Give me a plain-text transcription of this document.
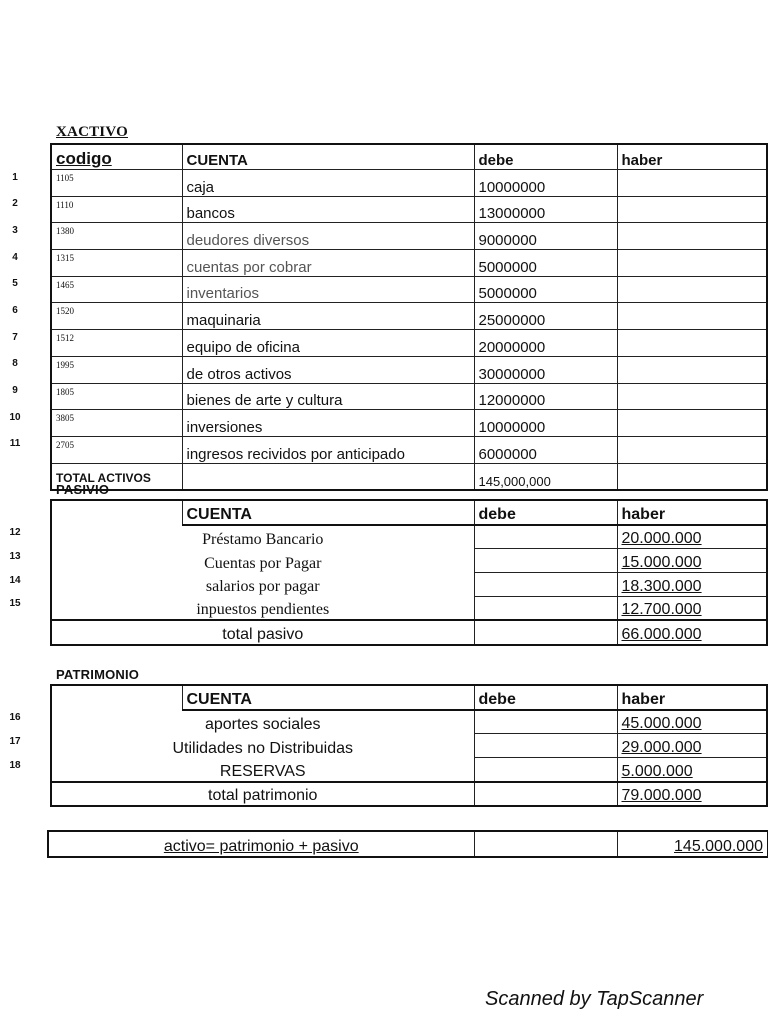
XACTIVO
codigo	CUENTA	debe	haber
1105	caja	10000000	
1110	bancos	13000000	
1380	deudores diversos	9000000	
1315	cuentas por cobrar	5000000	
1465	inventarios	5000000	
1520	maquinaria	25000000	
1512	equipo de oficina	20000000	
1995	de otros activos	30000000	
1805	bienes de arte y cultura	12000000	
3805	inversiones	10000000	
2705	ingresos recividos por anticipado	6000000	
TOTAL ACTIVOS		145,000,000	
PASIVIO
	CUENTA	debe	haber
Préstamo Bancario			20.000.000
Cuentas por Pagar			15.000.000
salarios por pagar			18.300.000
inpuestos pendientes			12.700.000
total pasivo			66.000.000
PATRIMONIO
	CUENTA	debe	haber
aportes sociales			45.000.000
Utilidades no Distribuidas			29.000.000
RESERVAS			5.000.000
total patrimonio			79.000.000
activo= patrimonio + pasivo		145.000.000
1
2
3
4
5
6
7
8
9
10
11
12
13
14
15
16
17
18
Scanned by TapScanner
